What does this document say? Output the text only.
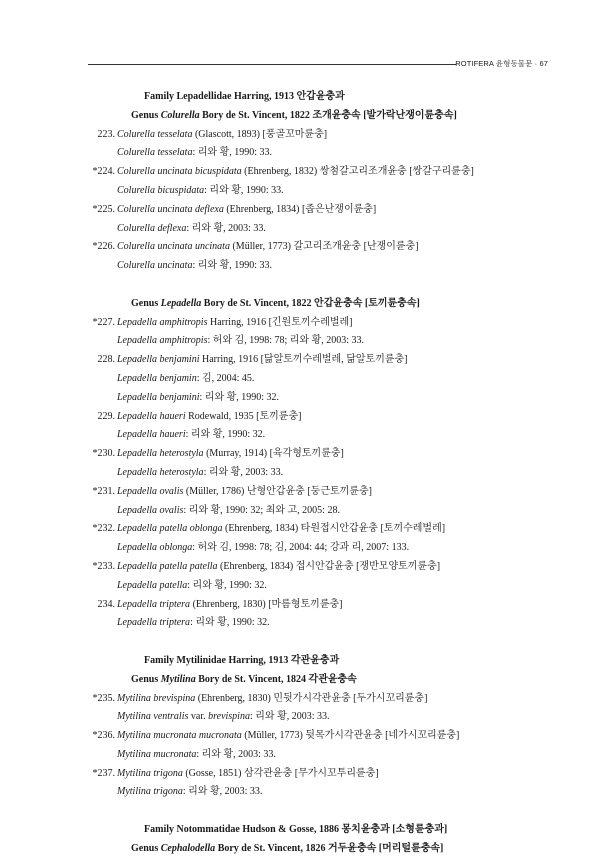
ROTIFERA 윤형동물문 · 67
Family Lepadellidae Harring, 1913 안갑윤충과
Genus Colurella Bory de St. Vincent, 1822 조개윤충속 [발가락난쟁이륜충속]
223. Colurella tesselata (Glascott, 1893) [풍골꼬마륜충]
Colurella tesselata: 리와 황, 1990: 33.
*224. Colurella uncinata bicuspidata (Ehrenberg, 1832) 쌍첨갈고리조개윤충 [쌍갈구리륜충]
Colurella bicuspidata: 리와 황, 1990: 33.
*225. Colurella uncinata deflexa (Ehrenberg, 1834) [좁은난쟁이륜충]
Colurella deflexa: 리와 황, 2003: 33.
*226. Colurella uncinata uncinata (Müller, 1773) 갈고리조개윤충 [난쟁이륜충]
Colurella uncinata: 리와 황, 1990: 33.
Genus Lepadella Bory de St. Vincent, 1822 안갑윤충속 [토끼륜충속]
*227. Lepadella amphitropis Harring, 1916 [긴원토끼수레벌레]
Lepadella amphitropis: 허와 김, 1998: 78; 리와 황, 2003: 33.
228. Lepadella benjamini Harring, 1916 [닮알토끼수레벌레, 닮알토끼륜충]
Lepadella benjamin: 김, 2004: 45.
Lepadella benjamini: 리와 황, 1990: 32.
229. Lepadella haueri Rodewald, 1935 [토끼륜충]
Lepadella haueri: 리와 황, 1990: 32.
*230. Lepadella heterostyla (Murray, 1914) [육각형토끼륜충]
Lepadella heterostyla: 리와 황, 2003: 33.
*231. Lepadella ovalis (Müller, 1786) 난형안갑윤충 [둥근토끼륜충]
Lepadella ovalis: 리와 황, 1990: 32; 최와 고, 2005: 28.
*232. Lepadella patella oblonga (Ehrenberg, 1834) 타원접시안갑윤충 [토끼수레벌레]
Lepadella oblonga: 허와 김, 1998: 78; 김, 2004: 44; 강과 리, 2007: 133.
*233. Lepadella patella patella (Ehrenberg, 1834) 접시안갑윤충 [쟁반모양토끼륜충]
Lepadella patella: 리와 황, 1990: 32.
234. Lepadella triptera (Ehrenberg, 1830) [마름형토끼륜충]
Lepadella triptera: 리와 황, 1990: 32.
Family Mytilinidae Harring, 1913 각관윤충과
Genus Mytilina Bory de St. Vincent, 1824 각관윤충속
*235. Mytilina brevispina (Ehrenberg, 1830) 민뒷가시각관윤충 [두가시꼬리륜충]
Mytilina ventralis var. brevispina: 리와 황, 2003: 33.
*236. Mytilina mucronata mucronata (Müller, 1773) 뒷목가시각관윤충 [네가시꼬리륜충]
Mytilina mucronata: 리와 황, 2003: 33.
*237. Mytilina trigona (Gosse, 1851) 삼각관윤충 [무가시꼬투리륜충]
Mytilina trigona: 리와 황, 2003: 33.
Family Notommatidae Hudson & Gosse, 1886 몽치윤충과 [소형륜충과]
Genus Cephalodella Bory de St. Vincent, 1826 거두윤충속 [머리털륜충속]
